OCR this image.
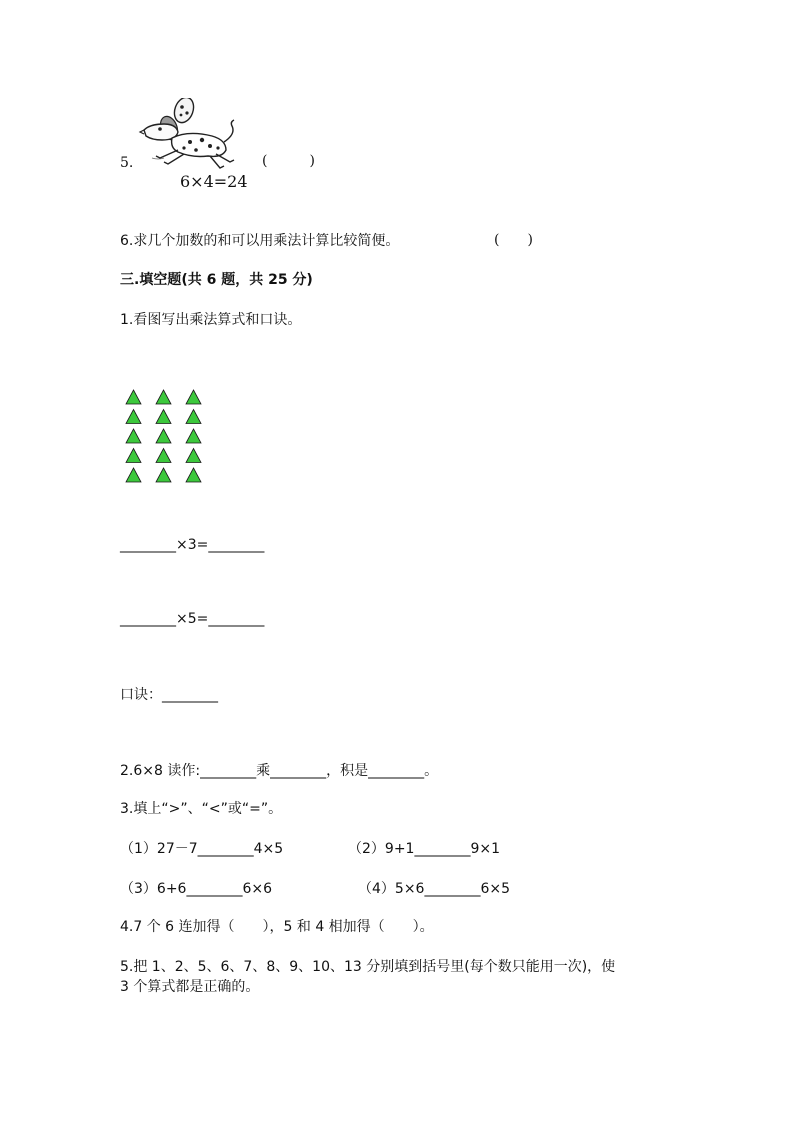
5.
6×4=24
(　　　)
6.求几个加数的和可以用乘法计算比较简便。	(　　)
三.填空题(共 6 题，共 25 分)
1.看图写出乘法算式和口诀。
________×3=________
________×5=________
口诀：________
2.6×8 读作:________乘________，积是________。
3.填上“>”、“<”或“=”。
（1）27－7________4×5	（2）9+1________9×1
（3）6+6________6×6	（4）5×6________6×5
4.7 个 6 连加得（　　），5 和 4 相加得（　　）。
5.把 1、2、5、6、7、8、9、10、13 分别填到括号里(每个数只能用一次)，使
3 个算式都是正确的。
